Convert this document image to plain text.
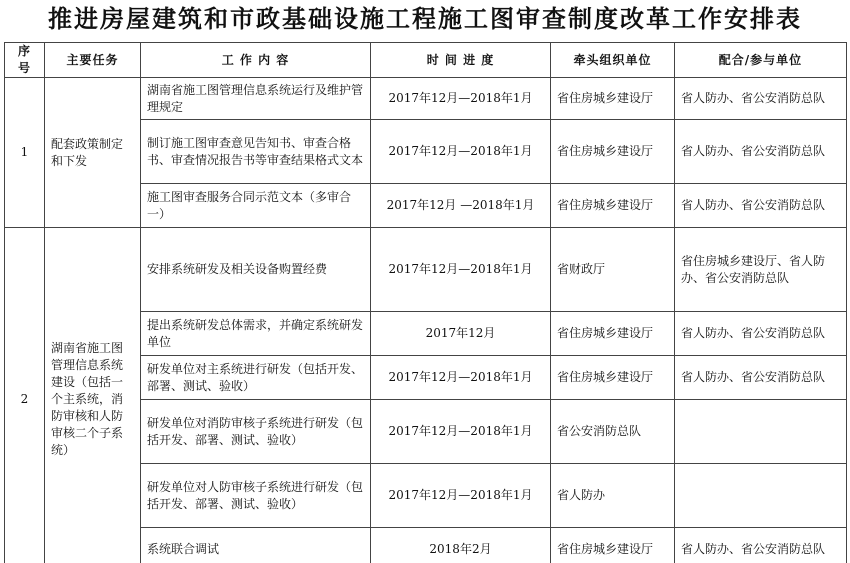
推进房屋建筑和市政基础设施工程施工图审查制度改革工作安排表
序 号	主要任务	工 作 内 容	时 间 进 度	牵头组织单位	配合/参与单位
1	配套政策制定和下发	湖南省施工图管理信息系统运行及维护管理规定	2017年12月—2018年1月	省住房城乡建设厅	省人防办、省公安消防总队
		制订施工图审查意见告知书、审查合格书、审查情况报告书等审查结果格式文本	2017年12月—2018年1月	省住房城乡建设厅	省人防办、省公安消防总队
		施工图审查服务合同示范文本（多审合一）	2017年12月 —2018年1月	省住房城乡建设厅	省人防办、省公安消防总队
2	湖南省施工图管理信息系统建设（包括一个主系统，消防审核和人防审核二个子系统）	安排系统研发及相关设备购置经费	2017年12月—2018年1月	省财政厅	省住房城乡建设厅、省人防办、省公安消防总队
		提出系统研发总体需求，并确定系统研发单位	2017年12月	省住房城乡建设厅	省人防办、省公安消防总队
		研发单位对主系统进行研发（包括开发、部署、测试、验收）	2017年12月—2018年1月	省住房城乡建设厅	省人防办、省公安消防总队
		研发单位对消防审核子系统进行研发（包括开发、部署、测试、验收）	2017年12月—2018年1月	省公安消防总队	
		研发单位对人防审核子系统进行研发（包括开发、部署、测试、验收）	2017年12月—2018年1月	省人防办	
		系统联合调试	2018年2月	省住房城乡建设厅	省人防办、省公安消防总队
